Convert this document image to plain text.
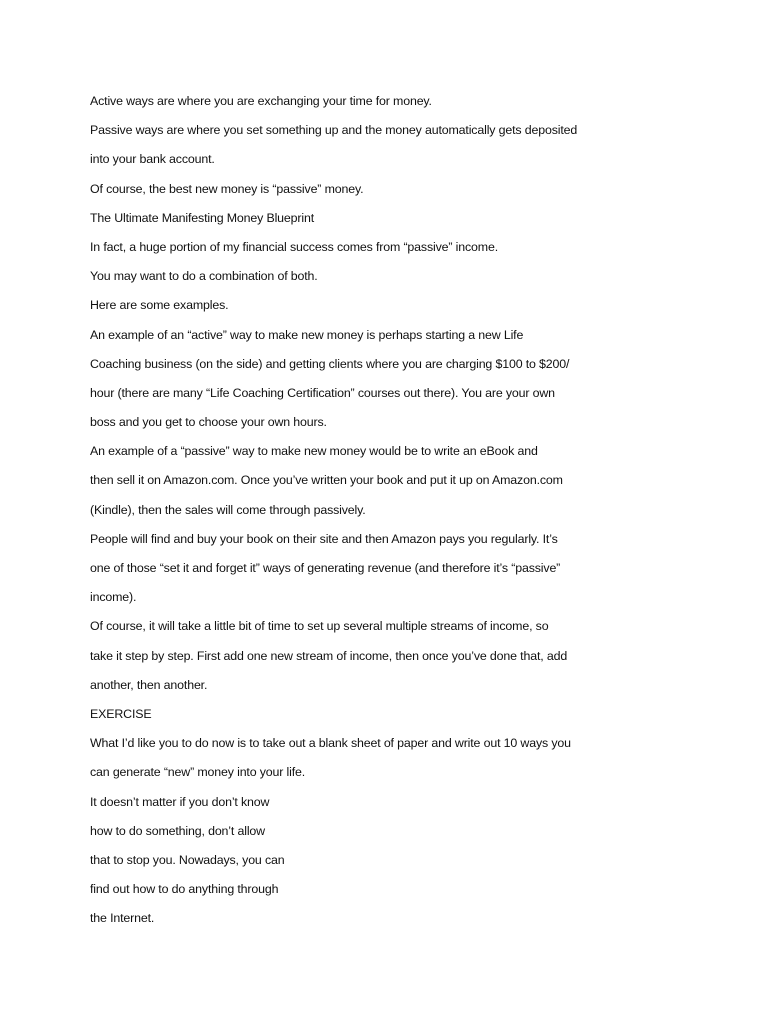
Active ways are where you are exchanging your time for money.
Passive ways are where you set something up and the money automatically gets deposited
into your bank account.
Of course, the best new money is “passive” money.
The Ultimate Manifesting Money Blueprint
In fact, a huge portion of my financial success comes from “passive” income.
You may want to do a combination of both.
Here are some examples.
An example of an “active” way to make new money is perhaps starting a new Life
Coaching business (on the side) and getting clients where you are charging $100 to $200/
hour (there are many “Life Coaching Certification” courses out there). You are your own
boss and you get to choose your own hours.
An example of a “passive” way to make new money would be to write an eBook and
then sell it on Amazon.com. Once you’ve written your book and put it up on Amazon.com
(Kindle), then the sales will come through passively.
People will find and buy your book on their site and then Amazon pays you regularly. It’s
one of those “set it and forget it” ways of generating revenue (and therefore it’s “passive”
income).
Of course, it will take a little bit of time to set up several multiple streams of income, so
take it step by step. First add one new stream of income, then once you’ve done that, add
another, then another.
EXERCISE
What I’d like you to do now is to take out a blank sheet of paper and write out 10 ways you
can generate “new” money into your life.
It doesn’t matter if you don’t know
how to do something, don’t allow
that to stop you. Nowadays, you can
find out how to do anything through
the Internet.
